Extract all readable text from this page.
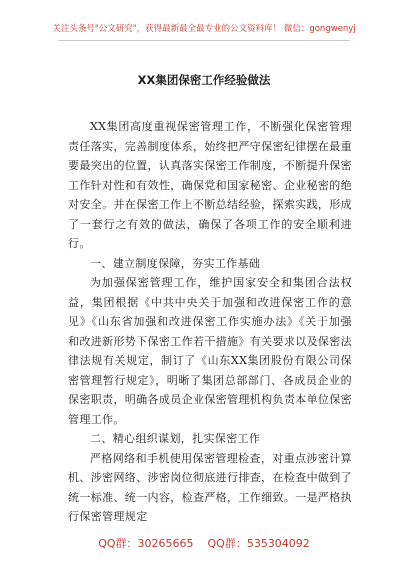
关注头条号"公文研究"，获得最新最全最专业的公文资料库！ 微信：gongwenyj
XX集团保密工作经验做法

XX集团高度重视保密管理工作，不断强化保密管理责任落实，完善制度体系，始终把严守保密纪律摆在最重要最突出的位置，认真落实保密工作制度，不断提升保密工作针对性和有效性，确保党和国家秘密、企业秘密的绝对安全。并在保密工作上不断总结经验，探索实践，形成了一套行之有效的做法，确保了各项工作的安全顺利进行。

一、建立制度保障，夯实工作基础

为加强保密管理工作，维护国家安全和集团合法权益，集团根据《中共中央关于加强和改进保密工作的意见》《山东省加强和改进保密工作实施办法》《关于加强和改进新形势下保密工作若干措施》有关要求以及保密法律法规有关规定，制订了《山东XX集团股份有限公司保密管理暂行规定》，明晰了集团总部部门、各成员企业的保密职责，明确各成员企业保密管理机构负责本单位保密管理工作。

二、精心组织谋划，扎实保密工作

严格网络和手机使用保密管理检查，对重点涉密计算机、涉密网络、涉密岗位彻底进行排查，在检查中做到了统一标准、统一内容，检查严格，工作细致。一是严格执行保密管理规定

QQ群：30265665 QQ群：535304092
